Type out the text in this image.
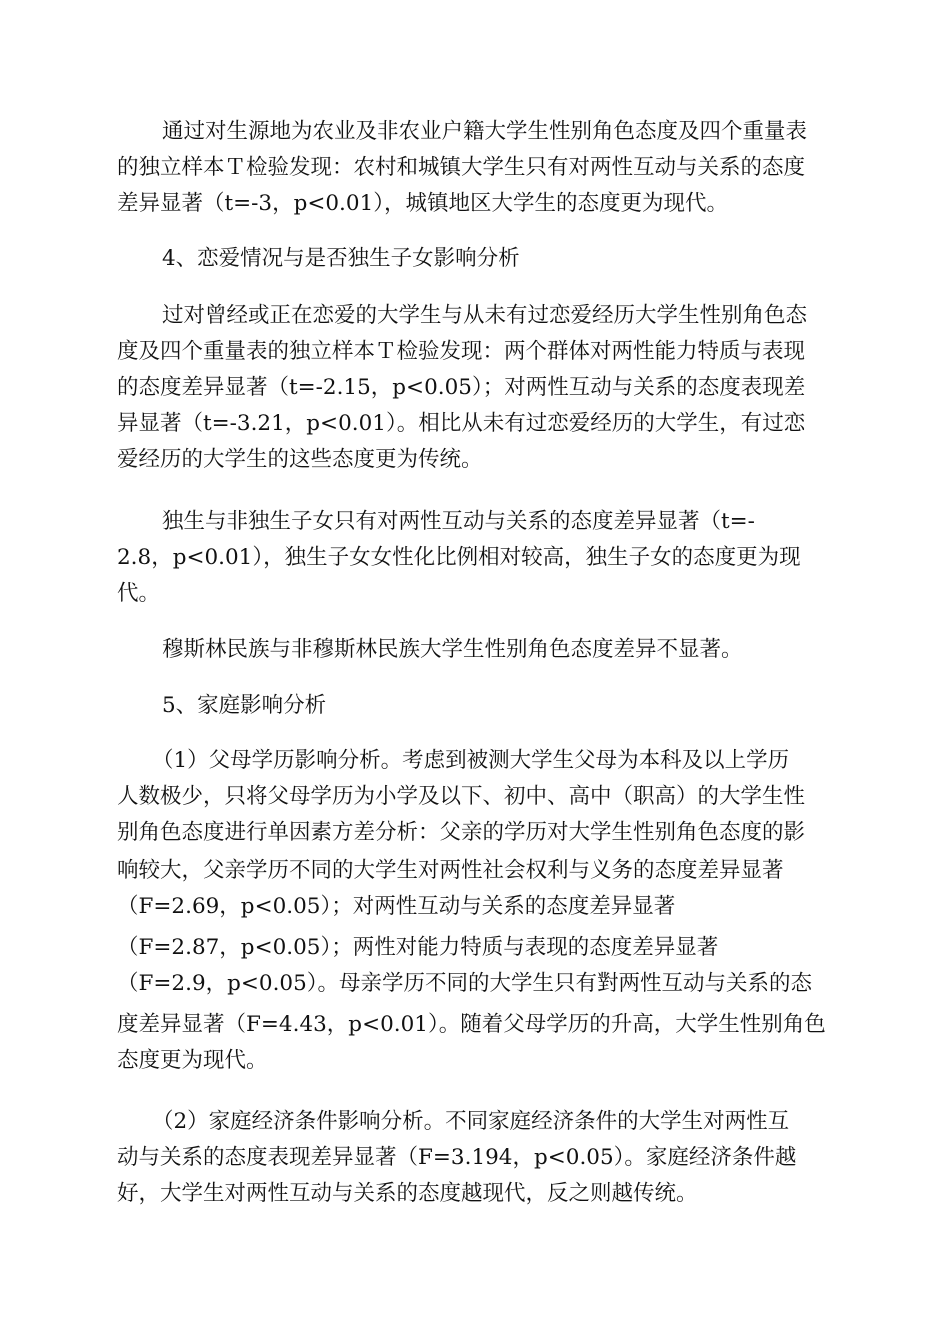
通过对生源地为农业及非农业户籍大学生性别角色态度及四个重量表
的独立样本Ｔ检验发现：农村和城镇大学生只有对两性互动与关系的态度
差异显著（t=-3，p<0.01），城镇地区大学生的态度更为现代。
4、恋爱情况与是否独生子女影响分析
过对曾经或正在恋爱的大学生与从未有过恋爱经历大学生性别角色态
度及四个重量表的独立样本Ｔ检验发现：两个群体对两性能力特质与表现
的态度差异显著（t=-2.15，p<0.05）；对两性互动与关系的态度表现差
异显著（t=-3.21，p<0.01）。相比从未有过恋爱经历的大学生，有过恋
爱经历的大学生的这些态度更为传统。
独生与非独生子女只有对两性互动与关系的态度差异显著（t=-
2.8，p<0.01），独生子女女性化比例相对较高，独生子女的态度更为现
代。
穆斯林民族与非穆斯林民族大学生性别角色态度差异不显著。
5、家庭影响分析
（1）父母学历影响分析。考虑到被测大学生父母为本科及以上学历
人数极少，只将父母学历为小学及以下、初中、高中（职高）的大学生性
别角色态度进行单因素方差分析：父亲的学历对大学生性别角色态度的影
响较大，父亲学历不同的大学生对两性社会权利与义务的态度差异显著
（F=2.69，p<0.05）；对两性互动与关系的态度差异显著
（F=2.87，p<0.05）；两性对能力特质与表现的态度差异显著
（F=2.9，p<0.05）。母亲学历不同的大学生只有對两性互动与关系的态
度差异显著（F=4.43，p<0.01）。随着父母学历的升高，大学生性别角色
态度更为现代。
（2）家庭经济条件影响分析。不同家庭经济条件的大学生对两性互
动与关系的态度表现差异显著（F=3.194，p<0.05）。家庭经济条件越
好，大学生对两性互动与关系的态度越现代，反之则越传统。
